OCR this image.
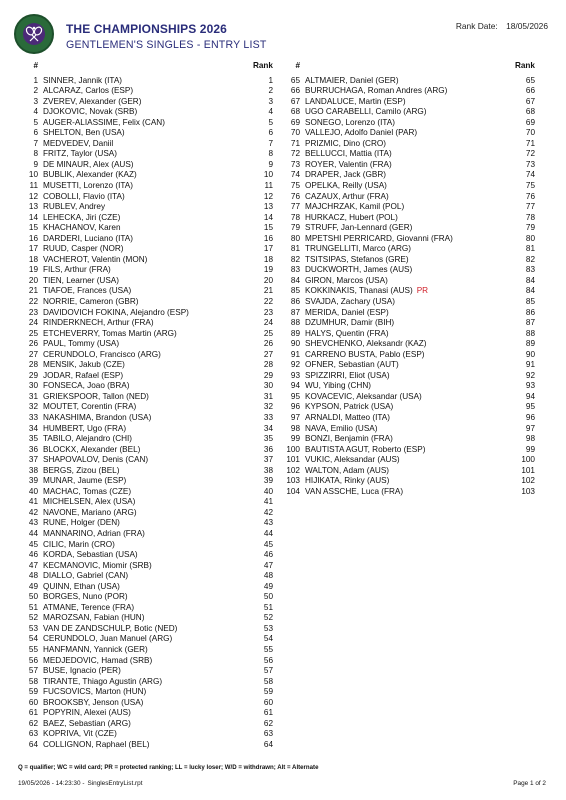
THE CHAMPIONSHIPS 2026
GENTLEMEN'S SINGLES - ENTRY LIST
Rank Date: 18/05/2026
#	Rank
1 SINNER, Jannik (ITA)	1
2 ALCARAZ, Carlos (ESP)	2
3 ZVEREV, Alexander (GER)	3
4 DJOKOVIC, Novak (SRB)	4
5 AUGER-ALIASSIME, Felix (CAN)	5
6 SHELTON, Ben (USA)	6
7 MEDVEDEV, Daniil	7
8 FRITZ, Taylor (USA)	8
9 DE MINAUR, Alex (AUS)	9
10 BUBLIK, Alexander (KAZ)	10
11 MUSETTI, Lorenzo (ITA)	11
12 COBOLLI, Flavio (ITA)	12
13 RUBLEV, Andrey	13
14 LEHECKA, Jiri (CZE)	14
15 KHACHANOV, Karen	15
16 DARDERI, Luciano (ITA)	16
17 RUUD, Casper (NOR)	17
18 VACHEROT, Valentin (MON)	18
19 FILS, Arthur (FRA)	19
20 TIEN, Learner (USA)	20
21 TIAFOE, Frances (USA)	21
22 NORRIE, Cameron (GBR)	22
23 DAVIDOVICH FOKINA, Alejandro (ESP)	23
24 RINDERKNECH, Arthur (FRA)	24
25 ETCHEVERRY, Tomas Martin (ARG)	25
26 PAUL, Tommy (USA)	26
27 CERUNDOLO, Francisco (ARG)	27
28 MENSIK, Jakub (CZE)	28
29 JODAR, Rafael (ESP)	29
30 FONSECA, Joao (BRA)	30
31 GRIEKSPOOR, Tallon (NED)	31
32 MOUTET, Corentin (FRA)	32
33 NAKASHIMA, Brandon (USA)	33
34 HUMBERT, Ugo (FRA)	34
35 TABILO, Alejandro (CHI)	35
36 BLOCKX, Alexander (BEL)	36
37 SHAPOVALOV, Denis (CAN)	37
38 BERGS, Zizou (BEL)	38
39 MUNAR, Jaume (ESP)	39
40 MACHAC, Tomas (CZE)	40
41 MICHELSEN, Alex (USA)	41
42 NAVONE, Mariano (ARG)	42
43 RUNE, Holger (DEN)	43
44 MANNARINO, Adrian (FRA)	44
45 CILIC, Marin (CRO)	45
46 KORDA, Sebastian (USA)	46
47 KECMANOVIC, Miomir (SRB)	47
48 DIALLO, Gabriel (CAN)	48
49 QUINN, Ethan (USA)	49
50 BORGES, Nuno (POR)	50
51 ATMANE, Terence (FRA)	51
52 MAROZSAN, Fabian (HUN)	52
53 VAN DE ZANDSCHULP, Botic (NED)	53
54 CERUNDOLO, Juan Manuel (ARG)	54
55 HANFMANN, Yannick (GER)	55
56 MEDJEDOVIC, Hamad (SRB)	56
57 BUSE, Ignacio (PER)	57
58 TIRANTE, Thiago Agustin (ARG)	58
59 FUCSOVICS, Marton (HUN)	59
60 BROOKSBY, Jenson (USA)	60
61 POPYRIN, Alexei (AUS)	61
62 BAEZ, Sebastian (ARG)	62
63 KOPRIVA, Vit (CZE)	63
64 COLLIGNON, Raphael (BEL)	64
#	Rank
65 ALTMAIER, Daniel (GER)	65
66 BURRUCHAGA, Roman Andres (ARG)	66
67 LANDALUCE, Martin (ESP)	67
68 UGO CARABELLI, Camilo (ARG)	68
69 SONEGO, Lorenzo (ITA)	69
70 VALLEJO, Adolfo Daniel (PAR)	70
71 PRIZMIC, Dino (CRO)	71
72 BELLUCCI, Mattia (ITA)	72
73 ROYER, Valentin (FRA)	73
74 DRAPER, Jack (GBR)	74
75 OPELKA, Reilly (USA)	75
76 CAZAUX, Arthur (FRA)	76
77 MAJCHRZAK, Kamil (POL)	77
78 HURKACZ, Hubert (POL)	78
79 STRUFF, Jan-Lennard (GER)	79
80 MPETSHI PERRICARD, Giovanni (FRA)	80
81 TRUNGELLITI, Marco (ARG)	81
82 TSITSIPAS, Stefanos (GRE)	82
83 DUCKWORTH, James (AUS)	83
84 GIRON, Marcos (USA)	84
85 KOKKINAKIS, Thanasi (AUS) PR	84
86 SVAJDA, Zachary (USA)	85
87 MERIDA, Daniel (ESP)	86
88 DZUMHUR, Damir (BIH)	87
89 HALYS, Quentin (FRA)	88
90 SHEVCHENKO, Aleksandr (KAZ)	89
91 CARRENO BUSTA, Pablo (ESP)	90
92 OFNER, Sebastian (AUT)	91
93 SPIZZIRRI, Eliot (USA)	92
94 WU, Yibing (CHN)	93
95 KOVACEVIC, Aleksandar (USA)	94
96 KYPSON, Patrick (USA)	95
97 ARNALDI, Matteo (ITA)	96
98 NAVA, Emilio (USA)	97
99 BONZI, Benjamin (FRA)	98
100 BAUTISTA AGUT, Roberto (ESP)	99
101 VUKIC, Aleksandar (AUS)	100
102 WALTON, Adam (AUS)	101
103 HIJIKATA, Rinky (AUS)	102
104 VAN ASSCHE, Luca (FRA)	103
Q = qualifier; WC = wild card; PR = protected ranking; LL = lucky loser; W/D = withdrawn; Alt = Alternate
19/05/2026 - 14:23:30 - SinglesEntryList.rpt	Page 1 of 2
